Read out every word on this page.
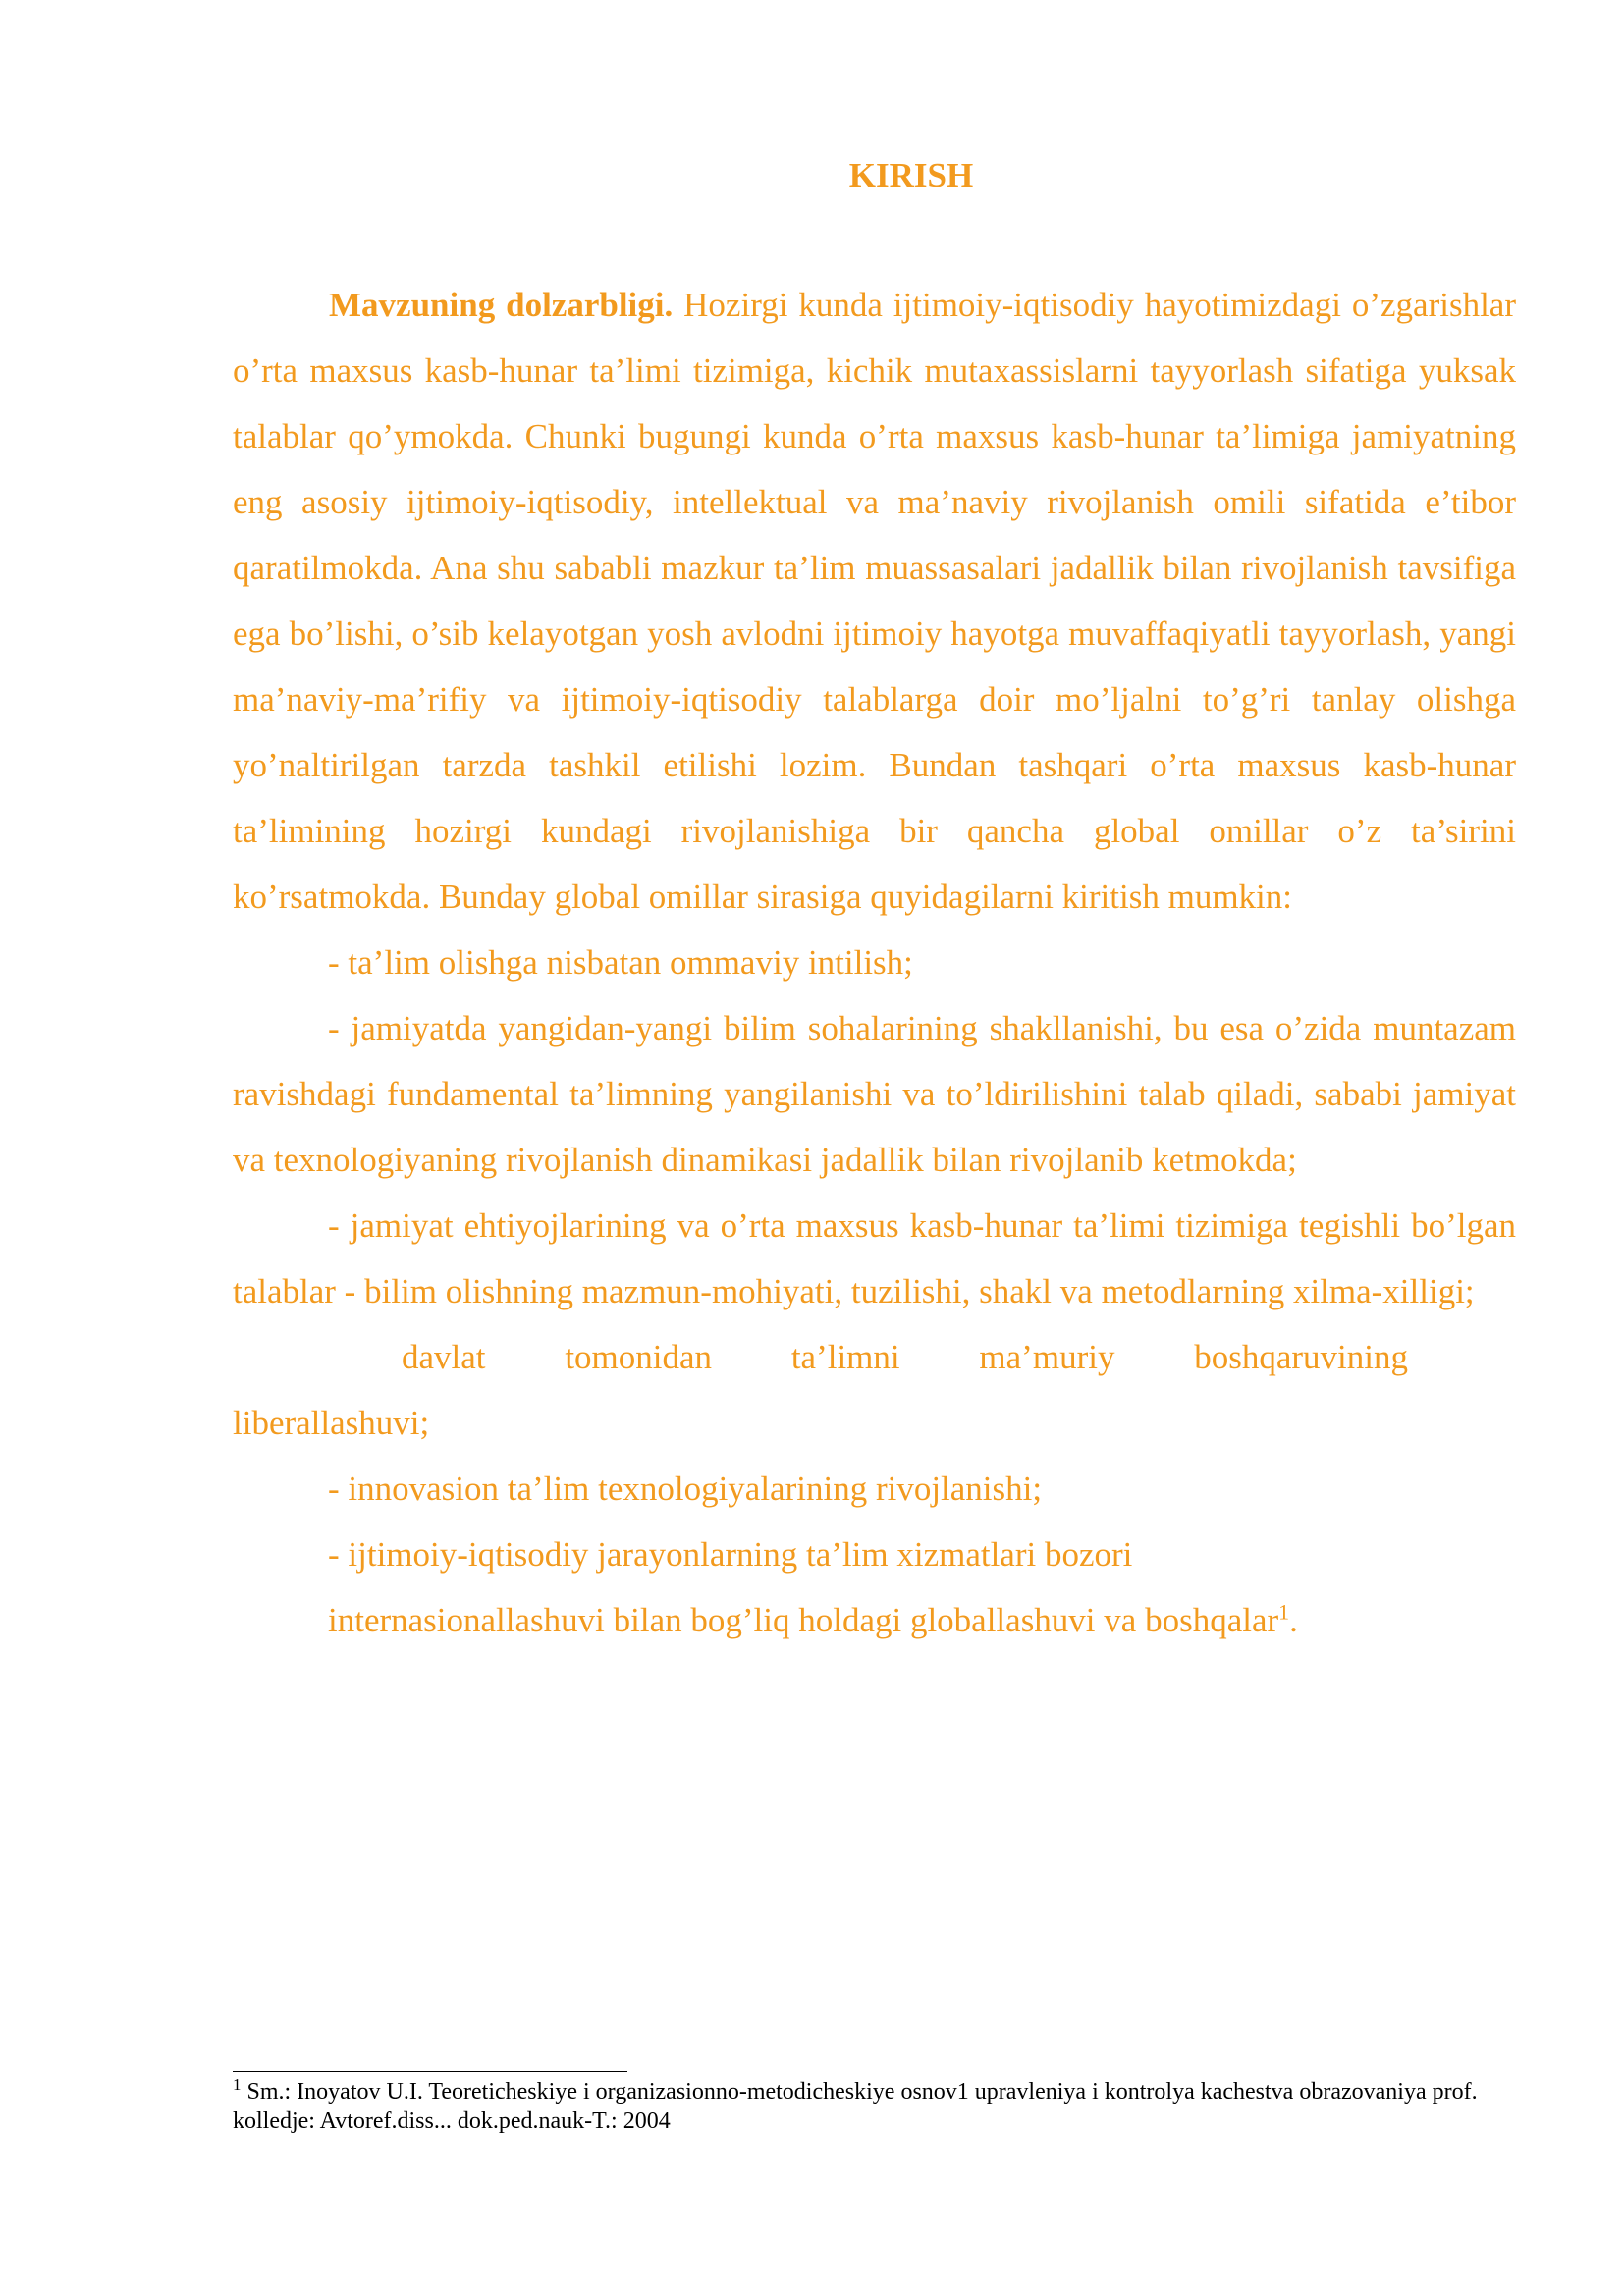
KIRISH

Mavzuning dolzarbligi. Hozirgi kunda ijtimoiy-iqtisodiy hayotimizdagi o’zgarishlar o’rta maxsus kasb-hunar ta’limi tizimiga, kichik mutaxassislarni tayyorlash sifatiga yuksak talablar qo’ymokda. Chunki bugungi kunda o’rta maxsus kasb-hunar ta’limiga jamiyatning eng asosiy ijtimoiy-iqtisodiy, intellektual va ma’naviy rivojlanish omili sifatida e’tibor qaratilmokda. Ana shu sababli mazkur ta’lim muassasalari jadallik bilan rivojlanish tavsifiga ega bo’lishi, o’sib kelayotgan yosh avlodni ijtimoiy hayotga muvaffaqiyatli tayyorlash, yangi ma’naviy-ma’rifiy va ijtimoiy-iqtisodiy talablarga doir mo’ljalni to’g’ri tanlay olishga yo’naltirilgan tarzda tashkil etilishi lozim. Bundan tashqari o’rta maxsus kasb-hunar ta’limining hozirgi kundagi rivojlanishiga bir qancha global omillar o’z ta’sirini ko’rsatmokda. Bunday global omillar sirasiga quyidagilarni kiritish mumkin:

- ta’lim olishga nisbatan ommaviy intilish;

- jamiyatda yangidan-yangi bilim sohalarining shakllanishi, bu esa o’zida muntazam ravishdagi fundamental ta’limning yangilanishi va to’ldirilishini talab qiladi, sababi jamiyat va texnologiyaning rivojlanish dinamikasi jadallik bilan rivojlanib ketmokda;

- jamiyat ehtiyojlarining va o’rta maxsus kasb-hunar ta’limi tizimiga tegishli bo’lgan talablar - bilim olishning mazmun-mohiyati, tuzilishi, shakl va metodlarning xilma-xilligi;

davlat tomonidan ta’limni ma’muriy boshqaruvining

liberallashuvi;

- innovasion ta’lim texnologiyalarining rivojlanishi;

- ijtimoiy-iqtisodiy jarayonlarning ta’lim xizmatlari bozori
internasionallashuvi bilan bog’liq holdagi globallashuvi va boshqalar$^1$.

$^1$ Sm.: Inoyatov U.I. Teoreticheskiye i organizasionno-metodicheskiye osnov1 upravleniya i kontrolya kachestva obrazovaniya prof. kolledje: Avtoref.diss... dok.ped.nauk-T.: 2004
